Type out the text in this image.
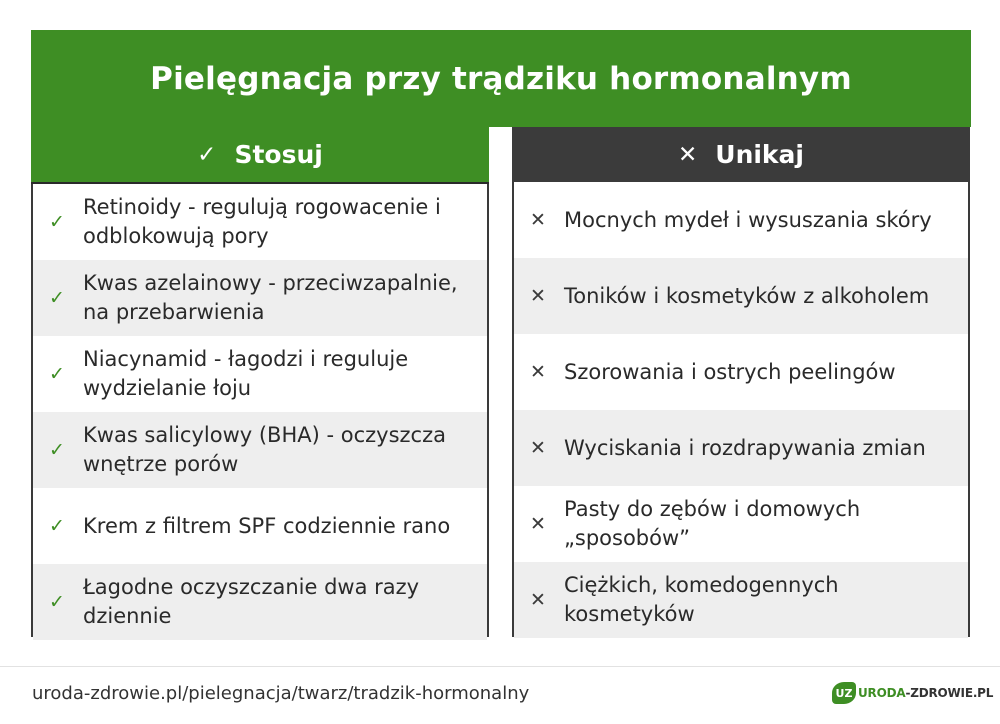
Pielęgnacja przy trądziku hormonalnym
✓ Stosuj
✓
Retinoidy - regulują rogowacenie i odblokowują pory
✓
Kwas azelainowy - przeciwzapalnie, na przebarwienia
✓
Niacynamid - łagodzi i reguluje wydzielanie łoju
✓
Kwas salicylowy (BHA) - oczyszcza wnętrze porów
✓ Krem z filtrem SPF codziennie rano
✓
Łagodne oczyszczanie dwa razy dziennie
✕ Unikaj
✕ Mocnych mydeł i wysuszania skóry
✕ Toników i kosmetyków z alkoholem
✕ Szorowania i ostrych peelingów
✕ Wyciskania i rozdrapywania zmian
✕
Pasty do zębów i domowych „sposobów”
✕
Ciężkich, komedogennych kosmetyków
uroda-zdrowie.pl/pielegnacja/twarz/tradzik-hormonalny	UZ URODA-ZDROWIE.PL
